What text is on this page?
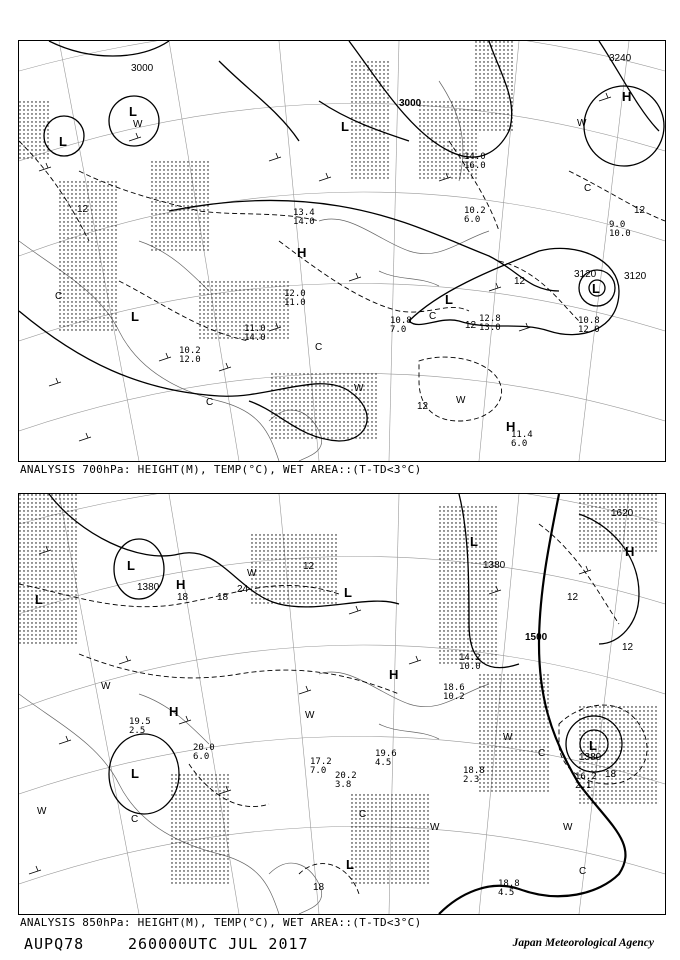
3000
3120
3240
3120
3000
12
12
12
12
12
L
L
L
L
L
H
H
H
L
W	W
W
W
C
C
C
C
C
11.4
6.0
10.8
7.0
10.8
12.0
12.8
13.0
9.0
10.0
13.4
14.0
12.0
11.0
11.0
14.0
10.2
6.0
10.2
12.0
14.0
16.0
ANALYSIS 700hPa: HEIGHT(M), TEMP(°C), WET AREA::(T-TD<3°C)
1380
1380
1380
1500
1620
18	18
24
12
12
18
18
12
L
L
L
L
L
H
H
H
H
L
L
W
W
W
W
W
W	W
C	C
C
C
18.8
4.5
16.2
2.1
18.8
2.3
20.2
3.8
19.6
4.5
17.2
7.0
14.2
10.0
18.6
10.2
20.0
6.0
19.5
2.5
ANALYSIS 850hPa: HEIGHT(M), TEMP(°C), WET AREA::(T-TD<3°C)
AUPQ78	260000UTC JUL 2017	Japan Meteorological Agency
